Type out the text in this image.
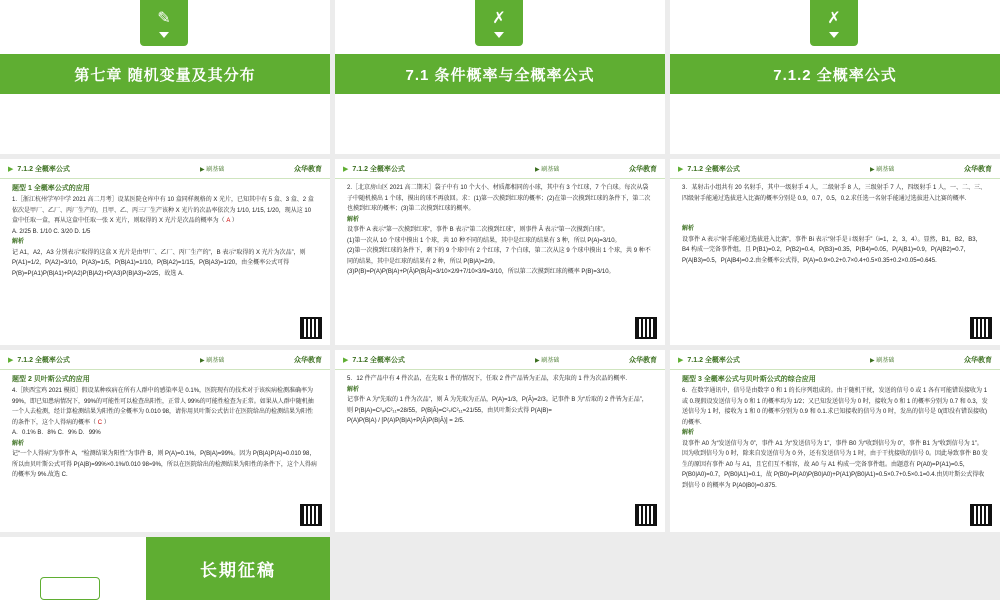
✎
第七章 随机变量及其分布
✗
7.1 条件概率与全概率公式
✗
7.1.2 全概率公式
▶ 7.1.2 全概率公式	▶ 刷基础	众华教育
题型 1 全概率公式的应用
1.［浙江杭州学军中学 2021 高二月考］设某医院仓库中有 10 盒同样规格的 X 光片，已知其中有 5 盒、3 盒、2 盒依次是甲厂、乙厂、丙厂生产的，且甲、乙、丙三厂生产该种 X 光片的次品率依次为 1/10, 1/15, 1/20，现从这 10 盒中任取一盒，再从这盒中任取一张 X 光片，则取得的 X 光片是次品的概率为（ A ）
A. 2/25 B. 1/10 C. 3/20 D. 1/5
解析
记 A1，A2，A3 分别表示“取得的这盒 X 光片是由甲厂、乙厂、丙厂生产的”，B 表示“取得的 X 光片为次品”，则 P(A1)=1/2，P(A2)=3/10，P(A3)=1/5，P(B|A1)=1/10，P(B|A2)=1/15，P(B|A3)=1/20，由全概率公式可得 P(B)=P(A1)P(B|A1)+P(A2)P(B|A2)+P(A3)P(B|A3)=2/25，故选 A.
▶ 7.1.2 全概率公式	▶ 刷基础	众华教育
2.［北京房山区 2021 高二期末］袋子中有 10 个大小、材质都相同的小球，其中有 3 个红球，7 个白球。每次从袋子中随机摸出 1 个球，摸出的球不再放回。求：(1)第一次摸到红球的概率；(2)在第一次摸到红球的条件下，第二次也摸到红球的概率；(3)第二次摸到红球的概率。
解析
设事件 A 表示“第一次摸到红球”，事件 B 表示“第二次摸到红球”，则事件 Ā 表示“第一次摸到白球”。
(1)第一次从 10 个球中摸出 1 个球，共 10 种不同的结果，其中是红球的结果有 3 种，所以 P(A)=3/10。
(2)第一次摸到红球的条件下，剩下的 9 个球中有 2 个红球，7 个白球，第二次从这 9 个球中摸出 1 个球，共 9 种不同的结果，其中是红球的结果有 2 种，所以 P(B|A)=2/9。
(3)P(B)=P(A)P(B|A)+P(Ā)P(B|Ā)=3/10×2/9+7/10×3/9=3/10，所以第二次摸到红球的概率 P(B)=3/10。
▶ 7.1.2 全概率公式	▶ 刷基础	众华教育
3．某射击小组共有 20 名射手，其中一级射手 4 人，二级射手 8 人，三级射手 7 人，四级射手 1 人，一、二、三、四级射手能通过选拔进入比赛的概率分别是 0.9，0.7，0.5，0.2.求任选一名射手能通过选拔进入比赛的概率.
解析
设事件 A 表示“射手能通过选拔进入比赛”，事件 Bi 表示“射手是 i 级射手”（i=1，2，3，4）。显然，B1，B2，B3，B4 构成一完备事件组，且 P(B1)=0.2，P(B2)=0.4，P(B3)=0.35，P(B4)=0.05，P(A|B1)=0.9，P(A|B2)=0.7，P(A|B3)=0.5，P(A|B4)=0.2.由全概率公式得，P(A)=0.9×0.2+0.7×0.4+0.5×0.35+0.2×0.05=0.645.
▶ 7.1.2 全概率公式	▶ 刷基础	众华教育
题型 2 贝叶斯公式的应用
4.［陕西宝鸡 2021 模拟］假设某种疾病在所有人群中的感染率是 0.1%，医院现有的技术对于该疾病检测准确率为 99%，即已知患病情况下，99%的可能性可以检查出阳性，正常人 99%的可能性检查为正常。如果从人群中随机抽一个人去检测，经计算检测结果为阳性的全概率为 0.010 98，请你用贝叶斯公式估计在医院给出的检测结果为阳性的条件下，这个人得病的概率（ C ）
A．0.1% B．8% C．9% D．99%
解析
记“一个人得病”为事件 A，“检测结果为阳性”为事件 B，则 P(A)=0.1%，P(B|A)=99%。因为 P(B|A)P(A)=0.010 98，所以由贝叶斯公式可得 P(A|B)=99%×0.1%/0.010 98≈9%，所以在医院给出的检测结果为阳性的条件下，这个人得病的概率为 9%.故选 C.
▶ 7.1.2 全概率公式	▶ 刷基础	众华教育
5．12 件产品中有 4 件次品，在先取 1 件的情况下，任取 2 件产品皆为正品，求先取的 1 件为次品的概率.
解析
记事件 A 为“先取的 1 件为次品”，则 Ā 为先取为正品，P(A)=1/3，P(Ā)=2/3。记事件 B 为“后取的 2 件皆为正品”，则 P(B|A)=C²₈/C²₁₁=28/55，P(B|Ā)=C²₇/C²₁₁=21/55，由贝叶斯公式得 P(A|B)=
P(A)P(B|A) / [P(A)P(B|A)+P(Ā)P(B|Ā)] = 2/5.
▶ 7.1.2 全概率公式	▶ 刷基础	众华教育
题型 3 全概率公式与贝叶斯公式的综合应用
6．在数字通讯中，信号是由数字 0 和 1 的长序列组成的。由于随机干扰，发送的信号 0 或 1 各有可能错误接收为 1 或 0.现假设发送信号为 0 和 1 的概率均为 1/2；又已知发送信号为 0 时，接收为 0 和 1 的概率分别为 0.7 和 0.3，发送信号为 1 时，接收为 1 和 0 的概率分别为 0.9 和 0.1.求已知接收的信号为 0 时，发出的信号是 0(即没有错误接收)的概率.
解析
设事件 A0 为“发送信号为 0”，事件 A1 为“发送信号为 1”，事件 B0 为“收到信号为 0”，事件 B1 为“收到信号为 1”。因为收到信号为 0 时，除来自发送信号为 0 外，还有发送信号为 1 时，由于干扰接收的信号 0。因此导致事件 B0 发生的原因有事件 A0 与 A1，且它们互不相容，故 A0 与 A1 构成一完备事件组。由题意有 P(A0)=P(A1)=0.5，P(B0|A0)=0.7，P(B0|A1)=0.1，故 P(B0)=P(A0)P(B0|A0)+P(A1)P(B0|A1)=0.5×0.7+0.5×0.1=0.4.由贝叶斯公式得收到信号 0 的概率为 P(A0|B0)=0.875.
长期征稿
